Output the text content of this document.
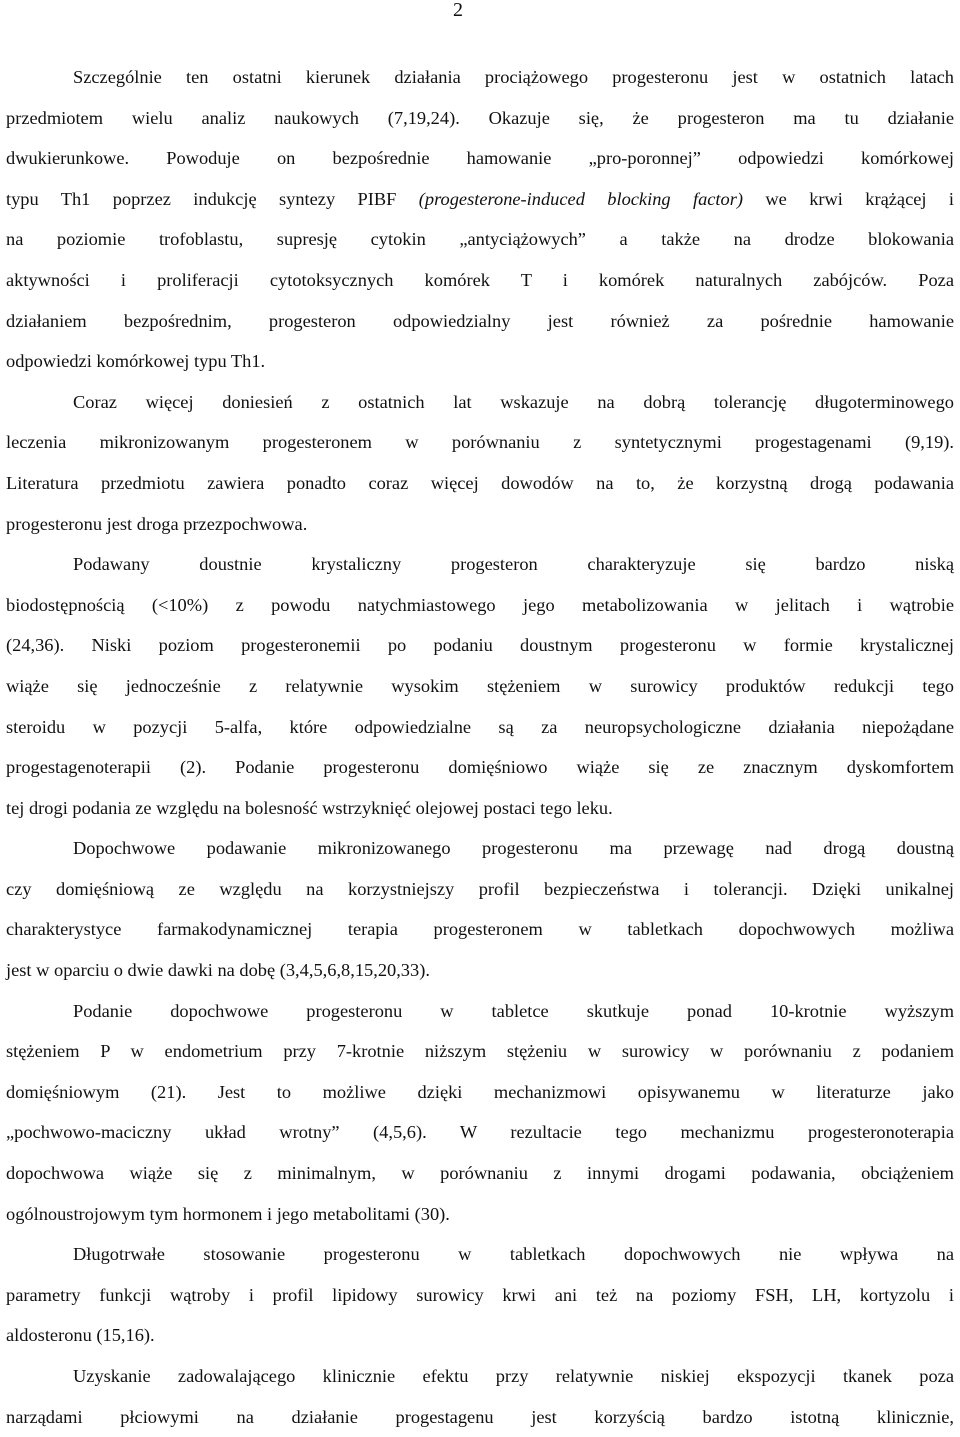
2
Szczególnie ten ostatni kierunek działania prociążowego progesteronu jest w ostatnich latach
przedmiotem wielu analiz naukowych (7,19,24). Okazuje się, że progesteron ma tu działanie
dwukierunkowe. Powoduje on bezpośrednie hamowanie „pro-poronnej” odpowiedzi komórkowej
typu Th1 poprzez indukcję syntezy PIBF (progesterone-induced blocking factor) we krwi krążącej i
na poziomie trofoblastu, supresję cytokin „antyciążowych” a także na drodze blokowania
aktywności i proliferacji cytotoksycznych komórek T i komórek naturalnych zabójców. Poza
działaniem bezpośrednim, progesteron odpowiedzialny jest również za pośrednie hamowanie
odpowiedzi komórkowej typu Th1.
Coraz więcej doniesień z ostatnich lat wskazuje na dobrą tolerancję długoterminowego
leczenia mikronizowanym progesteronem w porównaniu z syntetycznymi progestagenami (9,19).
Literatura przedmiotu zawiera ponadto coraz więcej dowodów na to, że korzystną drogą podawania
progesteronu jest droga przezpochwowa.
Podawany doustnie krystaliczny progesteron charakteryzuje się bardzo niską
biodostępnością (<10%) z powodu natychmiastowego jego metabolizowania w jelitach i wątrobie
(24,36). Niski poziom progesteronemii po podaniu doustnym progesteronu w formie krystalicznej
wiąże się jednocześnie z relatywnie wysokim stężeniem w surowicy produktów redukcji tego
steroidu w pozycji 5-alfa, które odpowiedzialne są za neuropsychologiczne działania niepożądane
progestagenoterapii (2). Podanie progesteronu domięśniowo wiąże się ze znacznym dyskomfortem
tej drogi podania ze względu na bolesność wstrzyknięć olejowej postaci tego leku.
Dopochwowe podawanie mikronizowanego progesteronu ma przewagę nad drogą doustną
czy domięśniową ze względu na korzystniejszy profil bezpieczeństwa i tolerancji. Dzięki unikalnej
charakterystyce farmakodynamicznej terapia progesteronem w tabletkach dopochwowych możliwa
jest w oparciu o dwie dawki na dobę (3,4,5,6,8,15,20,33).
Podanie dopochwowe progesteronu w tabletce skutkuje ponad 10-krotnie wyższym
stężeniem P w endometrium przy 7-krotnie niższym stężeniu w surowicy w porównaniu z podaniem
domięśniowym (21). Jest to możliwe dzięki mechanizmowi opisywanemu w literaturze jako
„pochwowo-maciczny układ wrotny” (4,5,6). W rezultacie tego mechanizmu progesteronoterapia
dopochwowa wiąże się z minimalnym, w porównaniu z innymi drogami podawania, obciążeniem
ogólnoustrojowym tym hormonem i jego metabolitami (30).
Długotrwałe stosowanie progesteronu w tabletkach dopochwowych nie wpływa na
parametry funkcji wątroby i profil lipidowy surowicy krwi ani też na poziomy FSH, LH, kortyzolu i
aldosteronu (15,16).
Uzyskanie zadowalającego klinicznie efektu przy relatywnie niskiej ekspozycji tkanek poza
narządami płciowymi na działanie progestagenu jest korzyścią bardzo istotną klinicznie,
